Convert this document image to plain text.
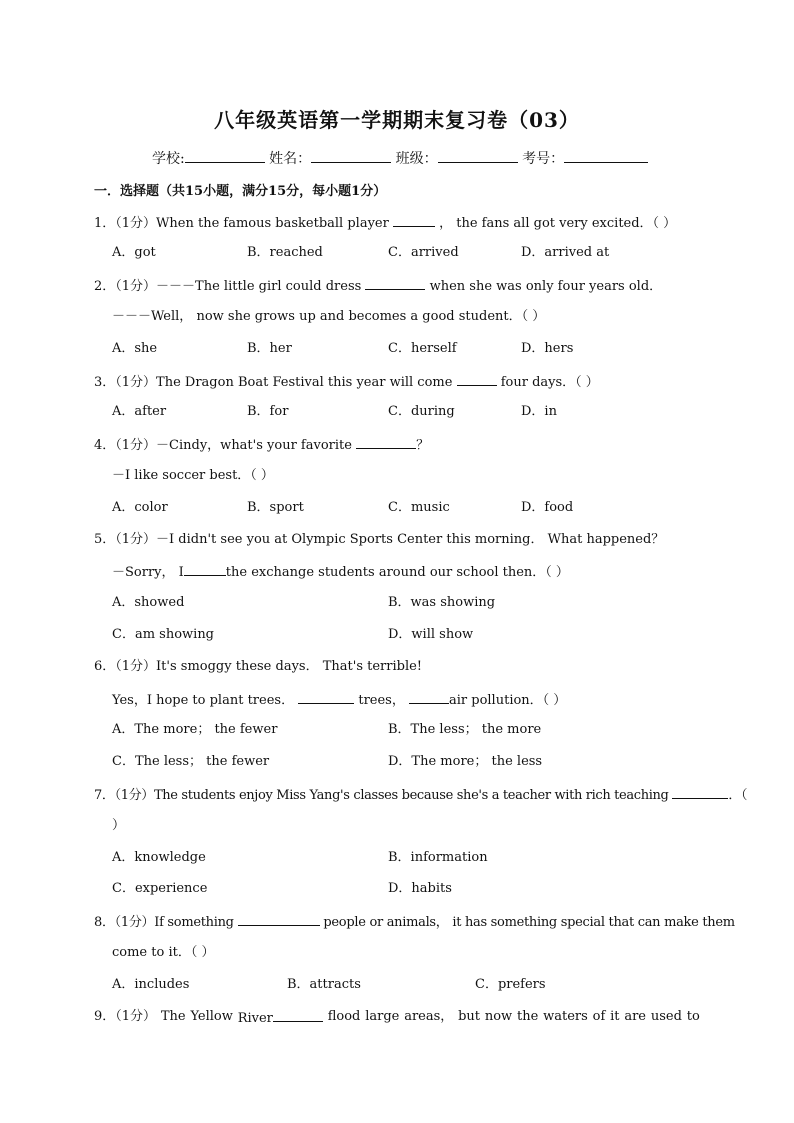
八年级英语第一学期期末复习卷（03）
学校:	姓名：	班级：	考号：
一．选择题（共15小题，满分15分，每小题1分）
1．（1分）When the famous basketball player	， the fans all got very excited．（ ）
A．got	B．reached	C．arrived	D．arrived at
2．（1分）－－－The little girl could dress	when she was only four years old．
－－－Well， now she grows up and becomes a good student．（ ）
A．she	B．her	C．herself	D．hers
3．（1分）The Dragon Boat Festival this year will come	four days．（ ）
A．after	B．for	C．during	D．in
4．（1分）－Cindy，what's your favorite	？
－I like soccer best．（ ）
A．color	B．sport	C．music	D．food
5．（1分）－I didn't see you at Olympic Sports Center this morning． What happened？
－Sorry， I	the exchange students around our school then．（ ）
A．showed	B．was showing
C．am showing	D．will show
6．（1分）It's smoggy these days． That's terrible!
Yes，I hope to plant trees．	trees，	air pollution．（ ）
A．The more； the fewer	B．The less； the more
C．The less； the fewer	D．The more； the less
7．（1分）The students enjoy Miss Yang's classes because she's a teacher with rich teaching	．（
）
A．knowledge	B．information
C．experience	D．habits
8．（1分）If something	people or animals， it has something special that can make them
come to it．（ ）
A．includes	B．attracts	C．prefers
9．（1分） The Yellow River	flood large areas， but now the waters of it are used to
